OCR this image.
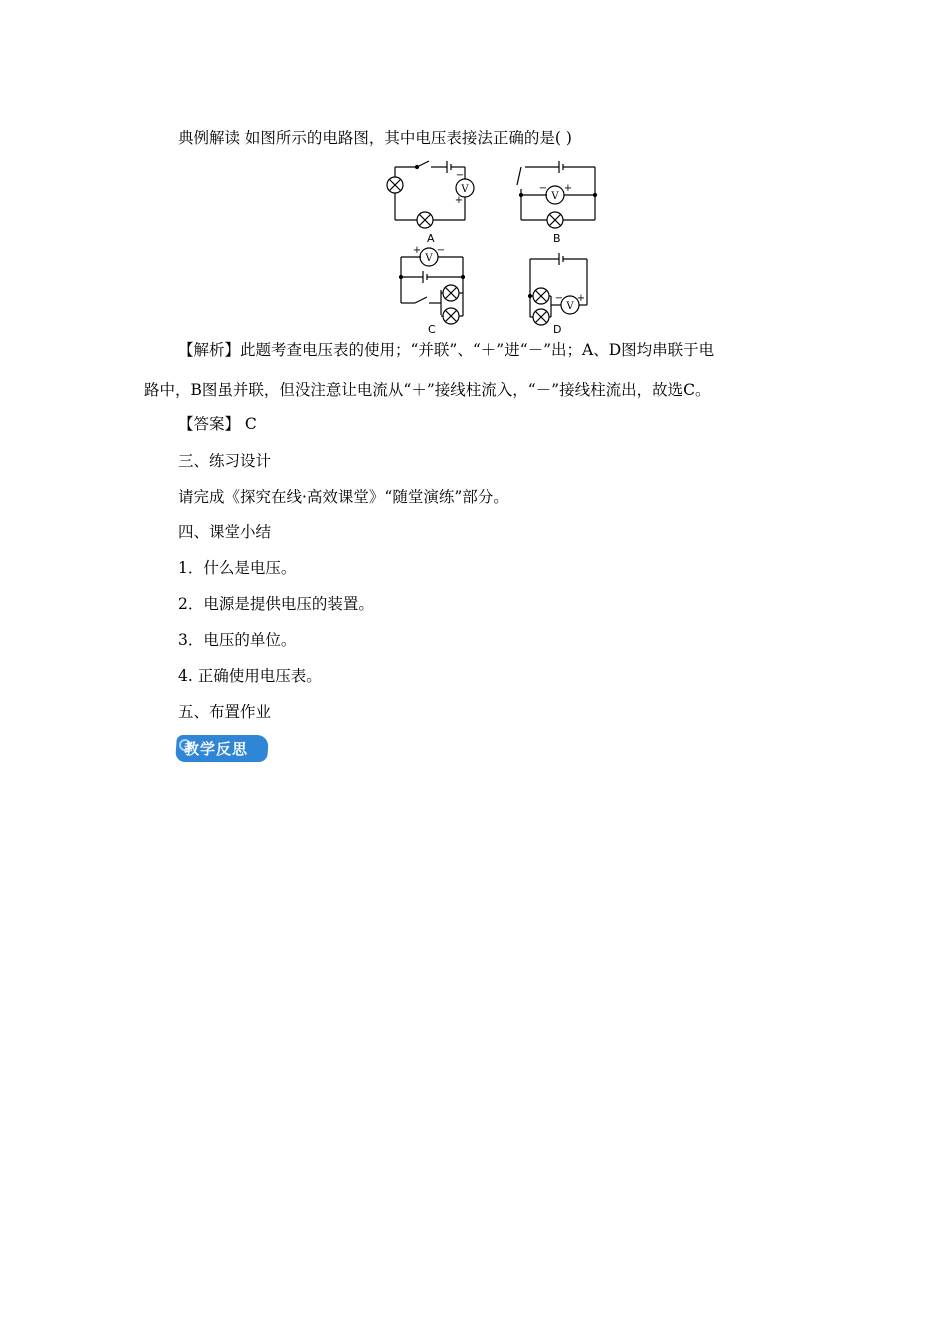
典例解读 如图所示的电路图，其中电压表接法正确的是( )
V
V
V
V
−
+
− +
+ −
− +
A	B
C	D
【解析】此题考查电压表的使用；“并联”、“＋”进“－”出；A、D图均串联于电
路中，B图虽并联，但没注意让电流从“＋”接线柱流入，“－”接线柱流出，故选C。
【答案】 C
三、练习设计
请完成《探究在线·高效课堂》“随堂演练”部分。
四、课堂小结
1．什么是电压。
2．电源是提供电压的装置。
3．电压的单位。
4. 正确使用电压表。
五、布置作业
教学反思
